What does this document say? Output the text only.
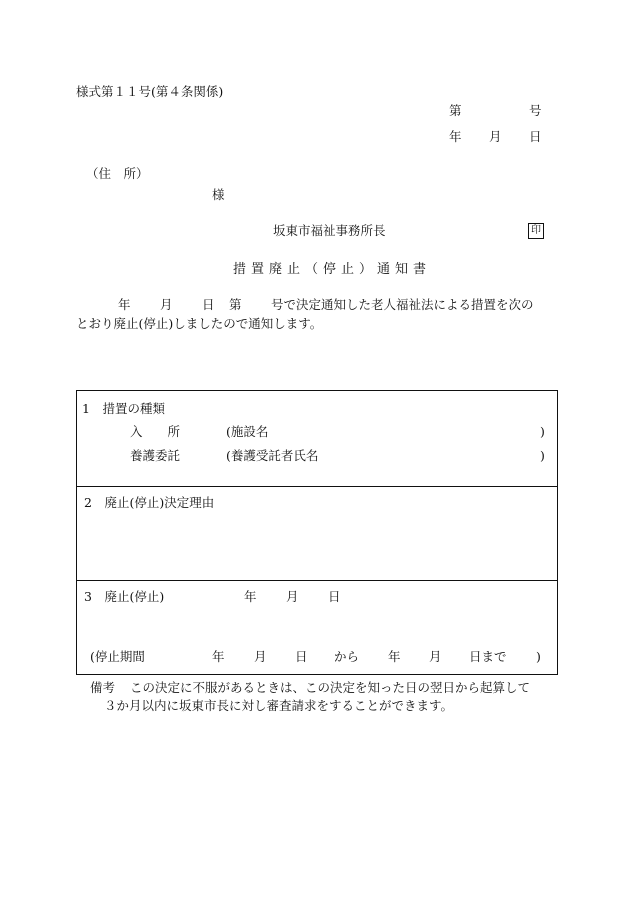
様式第１１号(第４条関係)
第	号
年 月 日
（住　所）
様
坂東市福祉事務所長	印
措置廃止（停止）通知書
年 月 日 第 号で決定通知した老人福祉法による措置を次の
とおり廃止(停止)しましたので通知します。
1　措置の種類
入　　所	(施設名	)
養護委託	(養護受託者氏名	)
2　廃止(停止)決定理由
3　廃止(停止)	年 月 日
(停止期間	年 月 日 から 年 月 日まで )
備考 この決定に不服があるときは、この決定を知った日の翌日から起算して
３か月以内に坂東市長に対し審査請求をすることができます。
